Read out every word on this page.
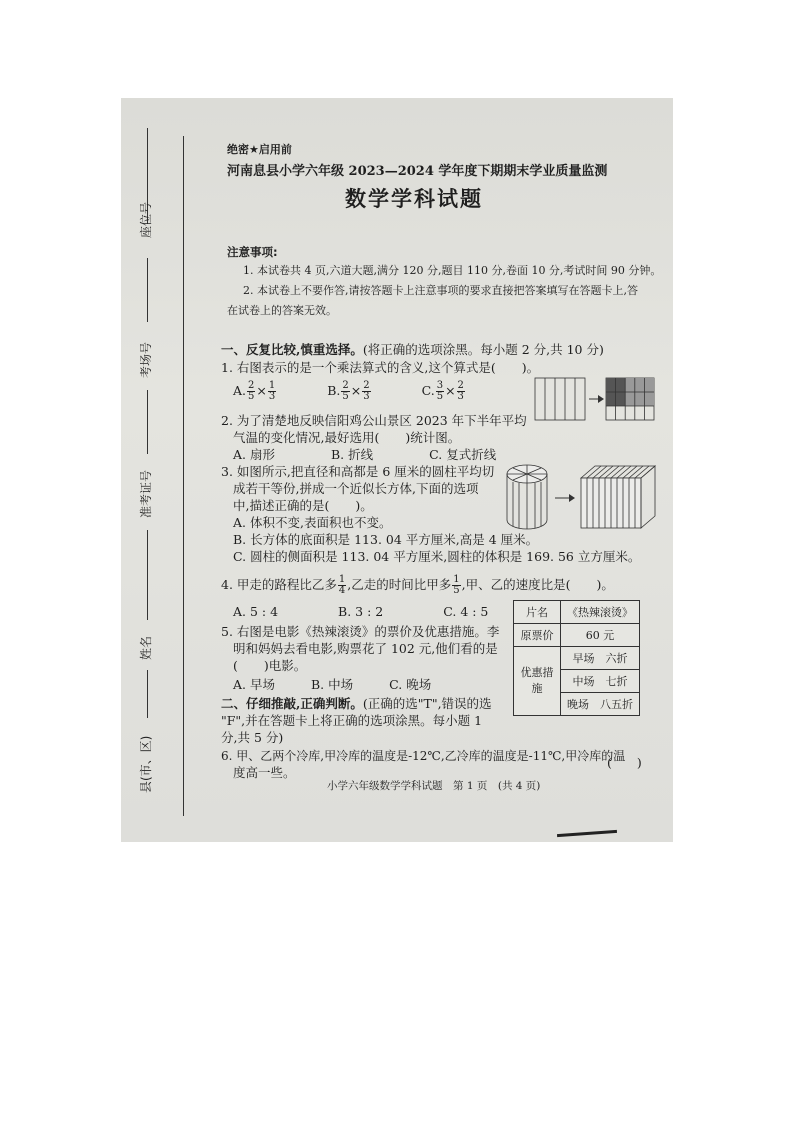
座位号
考场号
准考证号
姓名
县(市、区)

绝密★启用前
河南息县小学六年级 2023—2024 学年度下期期末学业质量监测
数学学科试题
注意事项:
1. 本试卷共 4 页,六道大题,满分 120 分,题目 110 分,卷面 10 分,考试时间 90 分钟。
2. 本试卷上不要作答,请按答题卡上注意事项的要求直接把答案填写在答题卡上,答
在试卷上的答案无效。
一、反复比较,慎重选择。(将正确的选项涂黑。每小题 2 分,共 10 分)
1. 右图表示的是一个乘法算式的含义,这个算式是( )。
A. $\frac{2}{5} \times \frac{1}{3}$	B. $\frac{2}{5} \times \frac{2}{3}$	C. $\frac{3}{5} \times \frac{2}{3}$
2. 为了清楚地反映信阳鸡公山景区 2023 年下半年平均
气温的变化情况,最好选用( )统计图。
A. 扇形	B. 折线	C. 复式折线
3. 如图所示,把直径和高都是 6 厘米的圆柱平均切
成若干等份,拼成一个近似长方体,下面的选项
中,描述正确的是( )。
A. 体积不变,表面积也不变。
B. 长方体的底面积是 113. 04 平方厘米,高是 4 厘米。
C. 圆柱的侧面积是 113. 04 平方厘米,圆柱的体积是 169. 56 立方厘米。
4. 甲走的路程比乙多 $\frac{1}{4}$ ,乙走的时间比甲多 $\frac{1}{5}$ ,甲、乙的速度比是( )。
A. 5 : 4	B. 3 : 2	C. 4 : 5
5. 右图是电影《热辣滚烫》的票价及优惠措施。李
明和妈妈去看电影,购票花了 102 元,他们看的是
( )电影。
A. 早场	B. 中场	C. 晚场
片名	《热辣滚烫》
原票价	60 元
优惠措施	早场　六折
	中场　七折
	晚场　八五折
二、仔细推敲,正确判断。(正确的选"T",错误的选
"F",并在答题卡上将正确的选项涂黑。每小题 1
分,共 5 分)
6. 甲、乙两个冷库,甲冷库的温度是-12℃,乙冷库的温度是-11℃,甲冷库的温
度高一些。
(　　)
小学六年级数学学科试题　第 1 页　(共 4 页)
